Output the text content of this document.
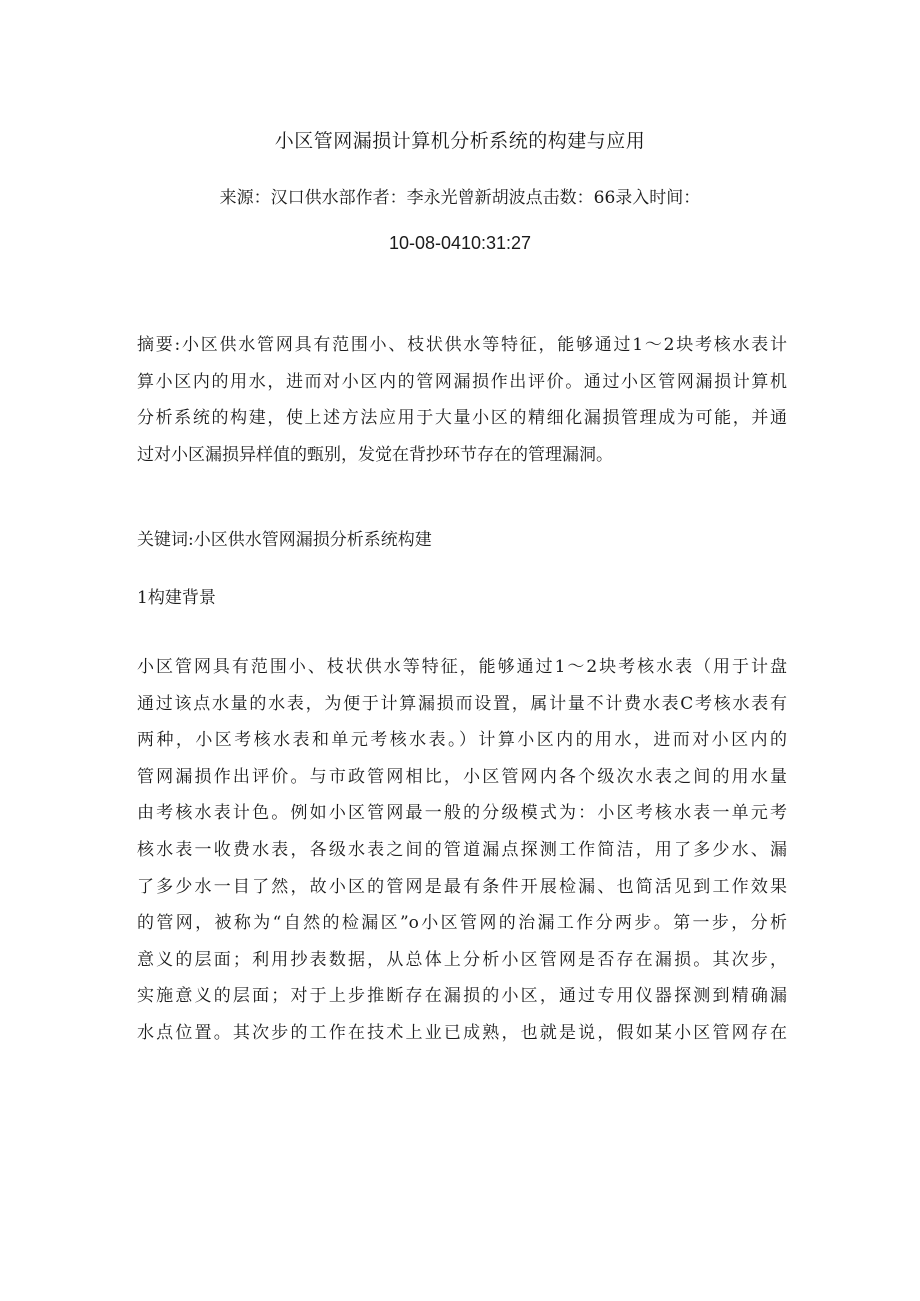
小区管网漏损计算机分析系统的构建与应用
来源：汉口供水部作者：李永光曾新胡波点击数：66录入时间：
10-08-0410:31:27
摘要:小区供水管网具有范围小、枝状供水等特征，能够通过1～2块考核水表计
算小区内的用水，进而对小区内的管网漏损作出评价。通过小区管网漏损计算机
分析系统的构建，使上述方法应用于大量小区的精细化漏损管理成为可能，并通
过对小区漏损异样值的甄别，发觉在背抄环节存在的管理漏洞。
关键词:小区供水管网漏损分析系统构建
1构建背景
小区管网具有范围小、枝状供水等特征，能够通过1～2块考核水表（用于计盘
通过该点水量的水表，为便于计算漏损而设置，属计量不计费水表C考核水表有
两种，小区考核水表和单元考核水表。）计算小区内的用水，进而对小区内的
管网漏损作出评价。与市政管网相比，小区管网内各个级次水表之间的用水量
由考核水表计色。例如小区管网最一般的分级模式为：小区考核水表一单元考
核水表一收费水表，各级水表之间的管道漏点探测工作简洁，用了多少水、漏
了多少水一目了然，故小区的管网是最有条件开展检漏、也简活见到工作效果
的管网，被称为“自然的检漏区”o小区管网的治漏工作分两步。第一步，分析
意义的层面；利用抄表数据，从总体上分析小区管网是否存在漏损。其次步，
实施意义的层面；对于上步推断存在漏损的小区，通过专用仪器探测到精确漏
水点位置。其次步的工作在技术上业已成熟，也就是说，假如某小区管网存在
